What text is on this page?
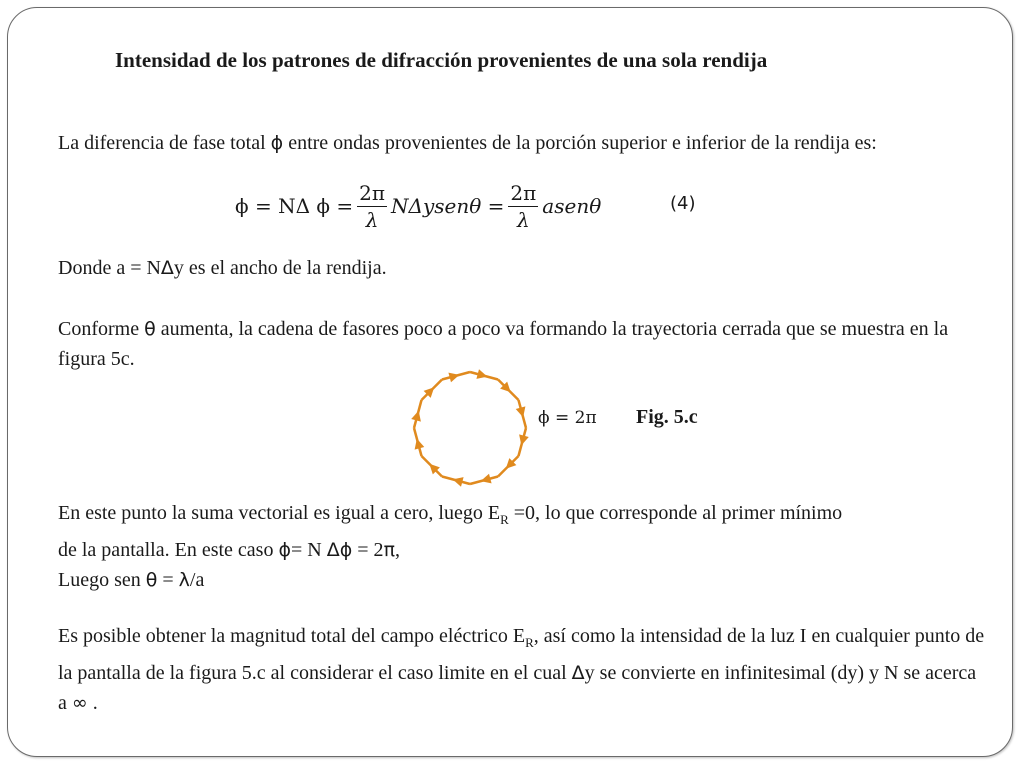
Intensidad de los patrones de difracción provenientes de una sola rendija
La diferencia de fase total ϕ entre ondas provenientes de la porción superior e inferior de la rendija es:
ϕ = NΔ $\phi = \frac{2\pi}{\lambda}$ NΔysenθ = $\frac{2\pi}{\lambda}$ asenθ	(4)
Donde a = NΔy es el ancho de la rendija.
Conforme θ aumenta, la cadena de fasores poco a poco va formando la trayectoria cerrada que se muestra en la figura 5c.
ϕ = 2π Fig. 5.c
En este punto la suma vectorial es igual a cero, luego $E_R =0$, lo que corresponde al primer mínimo
de la pantalla. En este caso ϕ= N Δϕ = 2π,
Luego sen θ = λ/a
Es posible obtener la magnitud total del campo eléctrico $E_R$, así como la intensidad de la luz I en cualquier punto de la pantalla de la figura 5.c al considerar el caso limite en el cual Δy se convierte en infinitesimal (dy) y N se acerca a ∞ .
